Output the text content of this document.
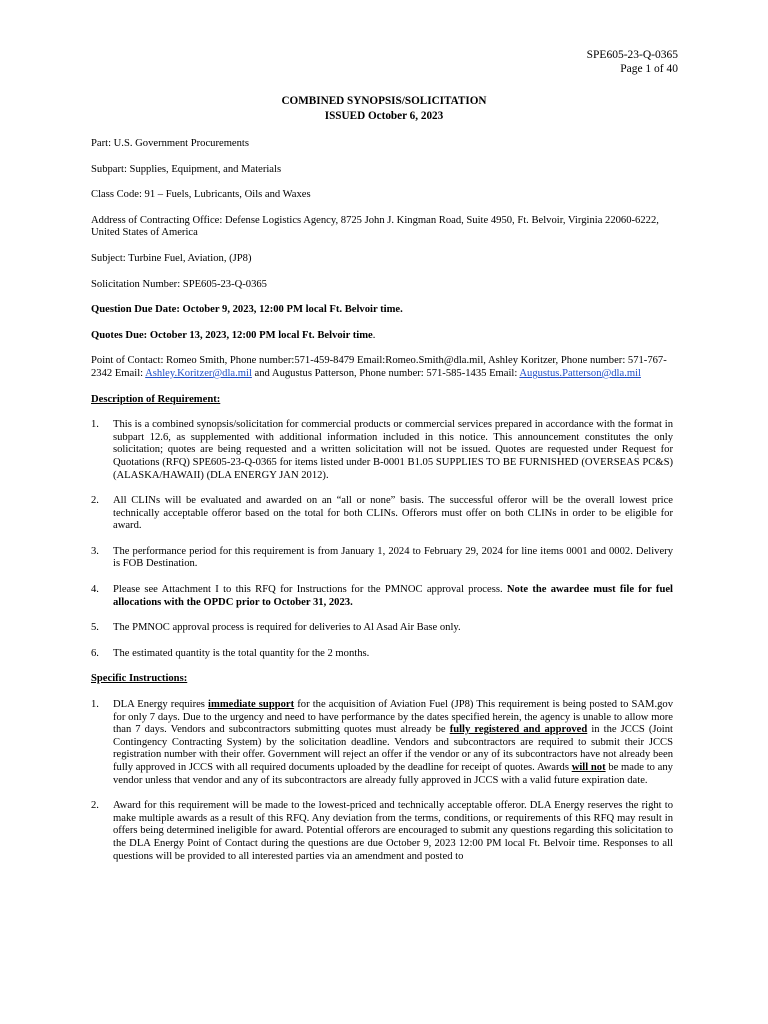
SPE605-23-Q-0365
Page 1 of 40
COMBINED SYNOPSIS/SOLICITATION
ISSUED October 6, 2023

Part: U.S. Government Procurements

Subpart: Supplies, Equipment, and Materials

Class Code: 91 – Fuels, Lubricants, Oils and Waxes

Address of Contracting Office: Defense Logistics Agency, 8725 John J. Kingman Road, Suite 4950, Ft. Belvoir, Virginia 22060-6222, United States of America

Subject: Turbine Fuel, Aviation, (JP8)

Solicitation Number: SPE605-23-Q-0365

Question Due Date: October 9, 2023, 12:00 PM local Ft. Belvoir time.

Quotes Due: October 13, 2023, 12:00 PM local Ft. Belvoir time.

Point of Contact: Romeo Smith, Phone number:571-459-8479 Email:Romeo.Smith@dla.mil, Ashley Koritzer, Phone number: 571-767-2342 Email: Ashley.Koritzer@dla.mil and Augustus Patterson, Phone number: 571-585-1435 Email: Augustus.Patterson@dla.mil

Description of Requirement:

1. This is a combined synopsis/solicitation for commercial products or commercial services prepared in accordance with the format in subpart 12.6, as supplemented with additional information included in this notice. This announcement constitutes the only solicitation; quotes are being requested and a written solicitation will not be issued. Quotes are requested under Request for Quotations (RFQ) SPE605-23-Q-0365 for items listed under B-0001 B1.05 SUPPLIES TO BE FURNISHED (OVERSEAS PC&S) (ALASKA/HAWAII) (DLA ENERGY JAN 2012).

2. All CLINs will be evaluated and awarded on an “all or none” basis. The successful offeror will be the overall lowest price technically acceptable offeror based on the total for both CLINs. Offerors must offer on both CLINs in order to be eligible for award.

3. The performance period for this requirement is from January 1, 2024 to February 29, 2024 for line items 0001 and 0002. Delivery is FOB Destination.

4. Please see Attachment I to this RFQ for Instructions for the PMNOC approval process. Note the awardee must file for fuel allocations with the OPDC prior to October 31, 2023.

5. The PMNOC approval process is required for deliveries to Al Asad Air Base only.

6. The estimated quantity is the total quantity for the 2 months.

Specific Instructions:

1. DLA Energy requires immediate support for the acquisition of Aviation Fuel (JP8) This requirement is being posted to SAM.gov for only 7 days. Due to the urgency and need to have performance by the dates specified herein, the agency is unable to allow more than 7 days. Vendors and subcontractors submitting quotes must already be fully registered and approved in the JCCS (Joint Contingency Contracting System) by the solicitation deadline. Vendors and subcontractors are required to submit their JCCS registration number with their offer. Government will reject an offer if the vendor or any of its subcontractors have not already been fully approved in JCCS with all required documents uploaded by the deadline for receipt of quotes. Awards will not be made to any vendor unless that vendor and any of its subcontractors are already fully approved in JCCS with a valid future expiration date.

2. Award for this requirement will be made to the lowest-priced and technically acceptable offeror. DLA Energy reserves the right to make multiple awards as a result of this RFQ. Any deviation from the terms, conditions, or requirements of this RFQ may result in offers being determined ineligible for award. Potential offerors are encouraged to submit any questions regarding this solicitation to the DLA Energy Point of Contact during the questions are due October 9, 2023 12:00 PM local Ft. Belvoir time. Responses to all questions will be provided to all interested parties via an amendment and posted to
